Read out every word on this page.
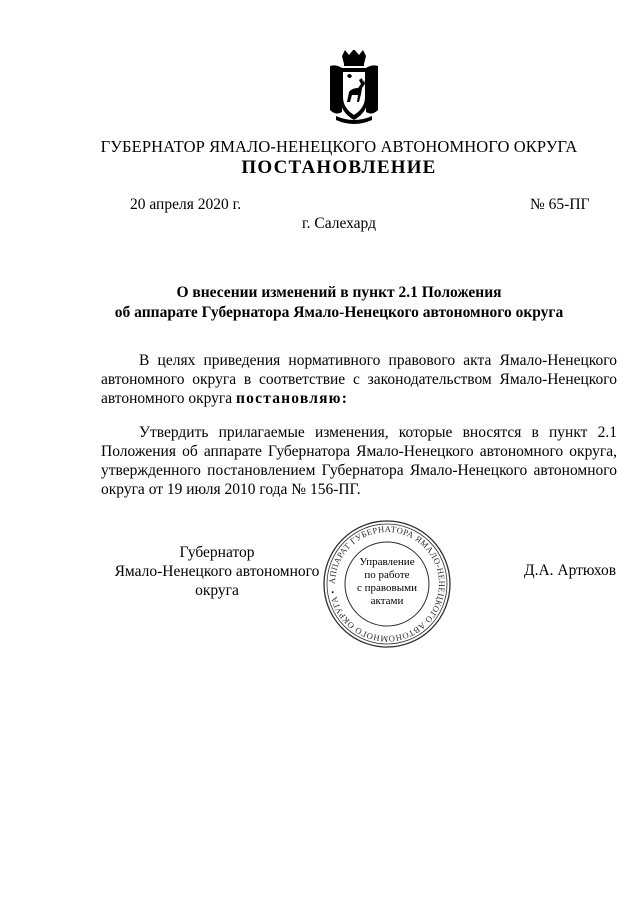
ГУБЕРНАТОР ЯМАЛО-НЕНЕЦКОГО АВТОНОМНОГО ОКРУГА
ПОСТАНОВЛЕНИЕ
20 апреля 2020 г.	№ 65-ПГ
г. Салехард
О внесении изменений в пункт 2.1 Положения
об аппарате Губернатора Ямало-Ненецкого автономного округа
В целях приведения нормативного правового акта Ямало-Ненецкого автономного округа в соответствие с законодательством Ямало-Ненецкого автономного округа постановляю:
Утвердить прилагаемые изменения, которые вносятся в пункт 2.1 Положения об аппарате Губернатора Ямало-Ненецкого автономного округа, утвержденного постановлением Губернатора Ямало-Ненецкого автономного округа от 19 июля 2010 года № 156-ПГ.
Губернатор
Ямало-Ненецкого автономного округа
Д.А. Артюхов
АППАРАТ ГУБЕРНАТОРА ЯМАЛО-НЕНЕЦКОГО АВТОНОМНОГО ОКРУГА •
Управление
по работе
с правовыми
актами
